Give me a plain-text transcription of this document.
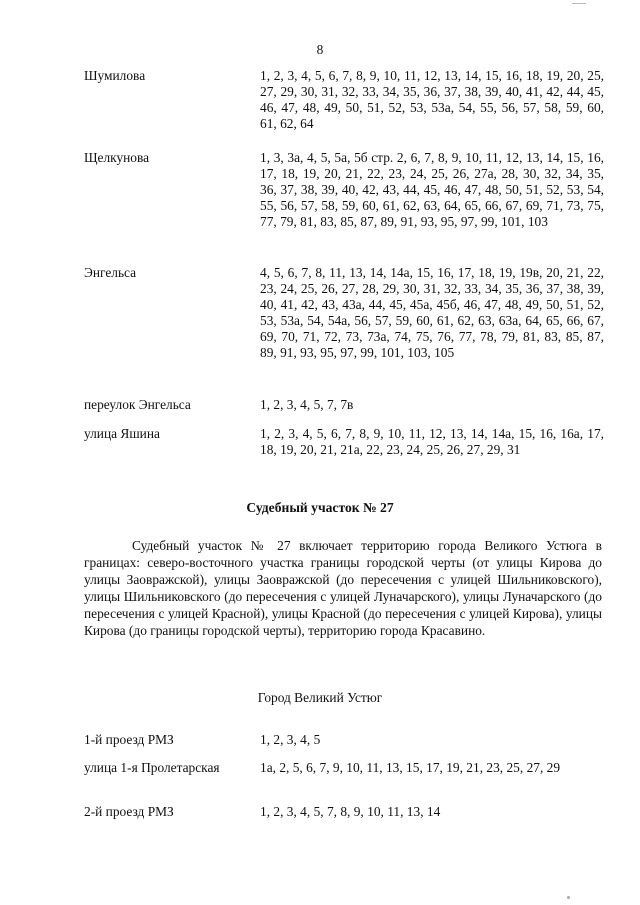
8
Шумилова	1, 2, 3, 4, 5, 6, 7, 8, 9, 10, 11, 12, 13, 14, 15, 16, 18, 19, 20, 25, 27, 29, 30, 31, 32, 33, 34, 35, 36, 37, 38, 39, 40, 41, 42, 44, 45, 46, 47, 48, 49, 50, 51, 52, 53, 53а, 54, 55, 56, 57, 58, 59, 60, 61, 62, 64
Щелкунова	1, 3, 3а, 4, 5, 5а, 5б стр. 2, 6, 7, 8, 9, 10, 11, 12, 13, 14, 15, 16, 17, 18, 19, 20, 21, 22, 23, 24, 25, 26, 27а, 28, 30, 32, 34, 35, 36, 37, 38, 39, 40, 42, 43, 44, 45, 46, 47, 48, 50, 51, 52, 53, 54, 55, 56, 57, 58, 59, 60, 61, 62, 63, 64, 65, 66, 67, 69, 71, 73, 75, 77, 79, 81, 83, 85, 87, 89, 91, 93, 95, 97, 99, 101, 103
Энгельса	4, 5, 6, 7, 8, 11, 13, 14, 14а, 15, 16, 17, 18, 19, 19в, 20, 21, 22, 23, 24, 25, 26, 27, 28, 29, 30, 31, 32, 33, 34, 35, 36, 37, 38, 39, 40, 41, 42, 43, 43а, 44, 45, 45а, 45б, 46, 47, 48, 49, 50, 51, 52, 53, 53а, 54, 54а, 56, 57, 59, 60, 61, 62, 63, 63а, 64, 65, 66, 67, 69, 70, 71, 72, 73, 73а, 74, 75, 76, 77, 78, 79, 81, 83, 85, 87, 89, 91, 93, 95, 97, 99, 101, 103, 105
переулок Энгельса	1, 2, 3, 4, 5, 7, 7в
улица Яшина	1, 2, 3, 4, 5, 6, 7, 8, 9, 10, 11, 12, 13, 14, 14а, 15, 16, 16а, 17, 18, 19, 20, 21, 21а, 22, 23, 24, 25, 26, 27, 29, 31
Судебный участок № 27
Судебный участок № 27 включает территорию города Великого Устюга в границах: северо-восточного участка границы городской черты (от улицы Кирова до улицы Заовражской), улицы Заовражской (до пересечения с улицей Шильниковского), улицы Шильниковского (до пересечения с улицей Луначарского), улицы Луначарского (до пересечения с улицей Красной), улицы Красной (до пересечения с улицей Кирова), улицы Кирова (до границы городской черты), территорию города Красавино.
Город Великий Устюг
1-й проезд РМЗ	1, 2, 3, 4, 5
улица 1-я Пролетарская	1а, 2, 5, 6, 7, 9, 10, 11, 13, 15, 17, 19, 21, 23, 25, 27, 29
2-й проезд РМЗ	1, 2, 3, 4, 5, 7, 8, 9, 10, 11, 13, 14
